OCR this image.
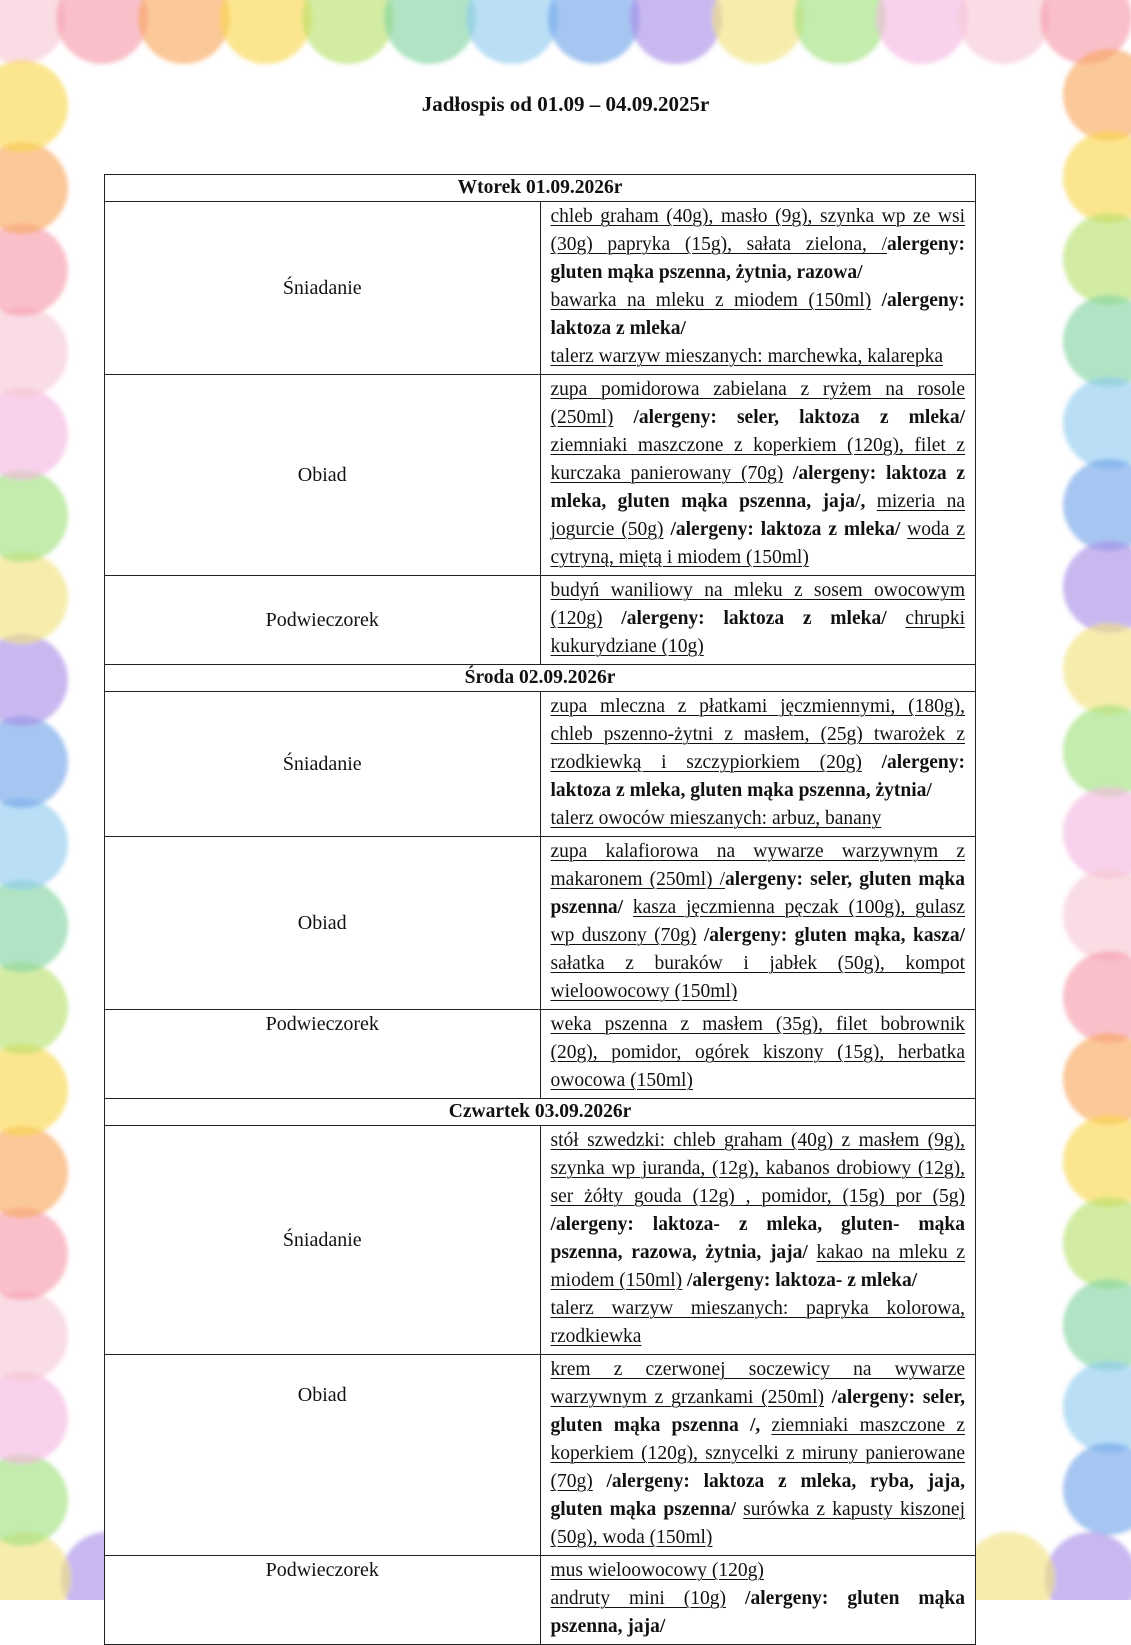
Jadłospis od 01.09 – 04.09.2025r
Wtorek 01.09.2026r	
Śniadanie	chleb graham (40g), masło (9g), szynka wp ze wsi (30g) papryka (15g), sałata zielona, /alergeny: gluten mąka pszenna, żytnia, razowa/
bawarka na mleku z miodem (150ml) /alergeny: laktoza z mleka/
talerz warzyw mieszanych: marchewka, kalarepka
Obiad	zupa pomidorowa zabielana z ryżem na rosole (250ml) /alergeny: seler, laktoza z mleka/ ziemniaki maszczone z koperkiem (120g), filet z kurczaka panierowany (70g) /alergeny: laktoza z mleka, gluten mąka pszenna, jaja/, mizeria na jogurcie (50g) /alergeny: laktoza z mleka/ woda z cytryną, miętą i miodem (150ml)
Podwieczorek	budyń waniliowy na mleku z sosem owocowym (120g) /alergeny: laktoza z mleka/ chrupki kukurydziane (10g)
Środa 02.09.2026r	
Śniadanie	zupa mleczna z płatkami jęczmiennymi, (180g), chleb pszenno-żytni z masłem, (25g) twarożek z rzodkiewką i szczypiorkiem (20g) /alergeny: laktoza z mleka, gluten mąka pszenna, żytnia/
talerz owoców mieszanych: arbuz, banany
Obiad	zupa kalafiorowa na wywarze warzywnym z makaronem (250ml) /alergeny: seler, gluten mąka pszenna/ kasza jęczmienna pęczak (100g), gulasz wp duszony (70g) /alergeny: gluten mąka, kasza/ sałatka z buraków i jabłek (50g), kompot wieloowocowy (150ml)
Podwieczorek	weka pszenna z masłem (35g), filet bobrownik (20g), pomidor, ogórek kiszony (15g), herbatka owocowa (150ml)
Czwartek 03.09.2026r	
Śniadanie	stół szwedzki: chleb graham (40g) z masłem (9g), szynka wp juranda, (12g), kabanos drobiowy (12g), ser żółty gouda (12g) , pomidor, (15g) por (5g) /alergeny: laktoza- z mleka, gluten- mąka pszenna, razowa, żytnia, jaja/ kakao na mleku z miodem (150ml) /alergeny: laktoza- z mleka/
talerz warzyw mieszanych: papryka kolorowa, rzodkiewka
Obiad	krem z czerwonej soczewicy na wywarze warzywnym z grzankami (250ml) /alergeny: seler, gluten mąka pszenna /, ziemniaki maszczone z koperkiem (120g), sznycelki z miruny panierowane (70g) /alergeny: laktoza z mleka, ryba, jaja, gluten mąka pszenna/ surówka z kapusty kiszonej (50g), woda (150ml)
Podwieczorek	mus wieloowocowy (120g)
andruty mini (10g) /alergeny: gluten mąka pszenna, jaja/
